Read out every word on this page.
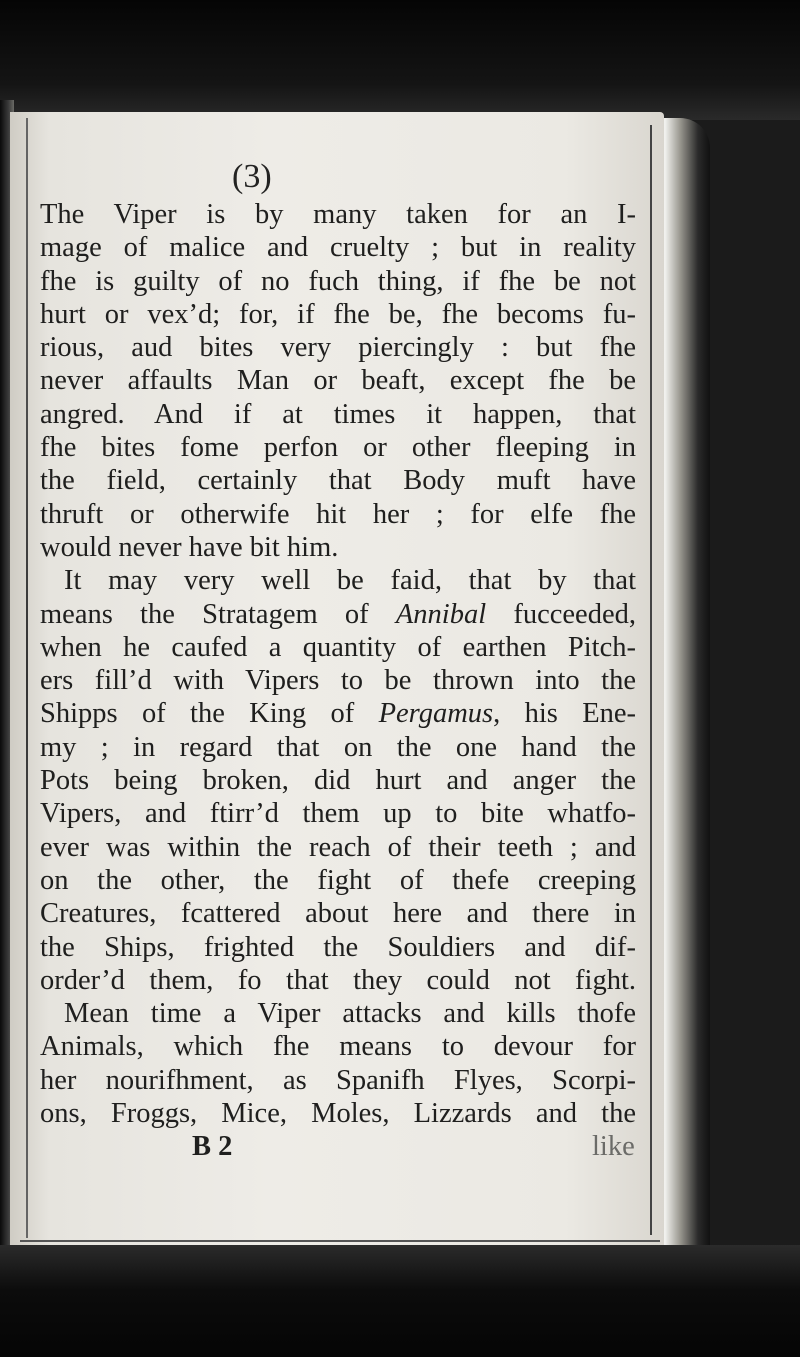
(3)

The Viper is by many taken for an I-
mage of malice and cruelty ; but in reality
fhe is guilty of no fuch thing, if fhe be not
hurt or vex’d; for, if fhe be, fhe becoms fu-
rious, aud bites very piercingly : but fhe
never affaults Man or beaft, except fhe be
angred. And if at times it happen, that
fhe bites fome perfon or other fleeping in
the field, certainly that Body muft have
thruft or otherwife hit her ; for elfe fhe
would never have bit him.
It may very well be faid, that by that
means the Stratagem of Annibal fucceeded,
when he caufed a quantity of earthen Pitch-
ers fill’d with Vipers to be thrown into the
Shipps of the King of Pergamus, his Ene-
my ; in regard that on the one hand the
Pots being broken, did hurt and anger the
Vipers, and ftirr’d them up to bite whatfo-
ever was within the reach of their teeth ; and
on the other, the fight of thefe creeping
Creatures, fcattered about here and there in
the Ships, frighted the Souldiers and dif-
order’d them, fo that they could not fight.
Mean time a Viper attacks and kills thofe
Animals, which fhe means to devour for
her nourifhment, as Spanifh Flyes, Scorpi-
ons, Froggs, Mice, Moles, Lizzards and the
B 2	like
